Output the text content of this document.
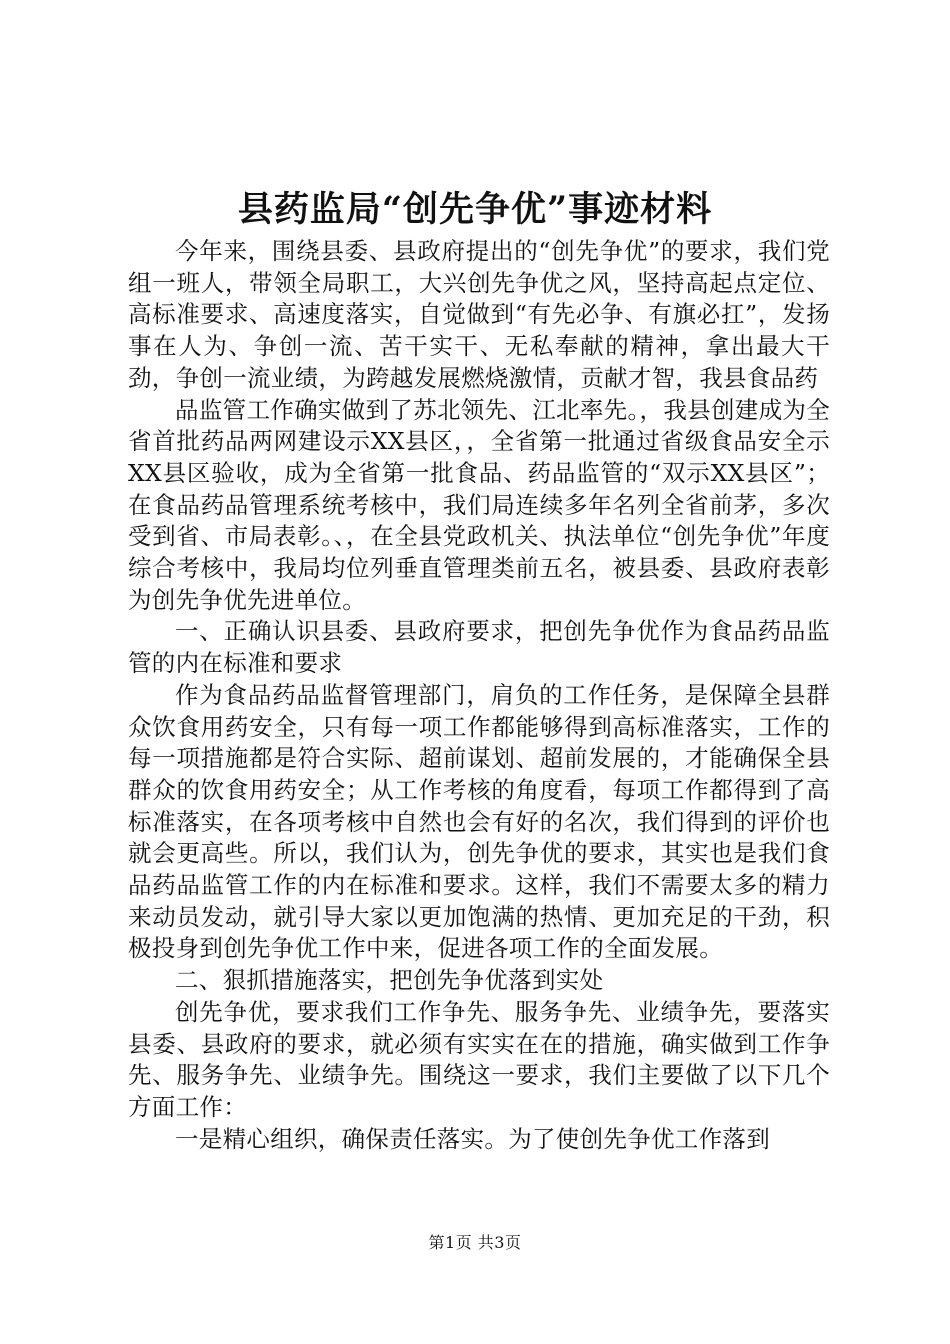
县药监局“创先争优”事迹材料

今年来，围绕县委、县政府提出的“创先争优”的要求，我们党组一班人，带领全局职工，大兴创先争优之风，坚持高起点定位、高标准要求、高速度落实，自觉做到“有先必争、有旗必扛”，发扬事在人为、争创一流、苦干实干、无私奉献的精神，拿出最大干劲，争创一流业绩，为跨越发展燃烧激情，贡献才智，我县食品药

品监管工作确实做到了苏北领先、江北率先。，我县创建成为全省首批药品两网建设示XX县区，，全省第一批通过省级食品安全示XX县区验收，成为全省第一批食品、药品监管的“双示XX县区”；在食品药品管理系统考核中，我们局连续多年名列全省前茅，多次受到省、市局表彰。、，在全县党政机关、执法单位“创先争优”年度综合考核中，我局均位列垂直管理类前五名，被县委、县政府表彰为创先争优先进单位。

一、正确认识县委、县政府要求，把创先争优作为食品药品监管的内在标准和要求

作为食品药品监督管理部门，肩负的工作任务，是保障全县群众饮食用药安全，只有每一项工作都能够得到高标准落实，工作的每一项措施都是符合实际、超前谋划、超前发展的，才能确保全县群众的饮食用药安全；从工作考核的角度看，每项工作都得到了高标准落实，在各项考核中自然也会有好的名次，我们得到的评价也就会更高些。所以，我们认为，创先争优的要求，其实也是我们食品药品监管工作的内在标准和要求。这样，我们不需要太多的精力来动员发动，就引导大家以更加饱满的热情、更加充足的干劲，积极投身到创先争优工作中来，促进各项工作的全面发展。

二、狠抓措施落实，把创先争优落到实处

创先争优，要求我们工作争先、服务争先、业绩争先，要落实县委、县政府的要求，就必须有实实在在的措施，确实做到工作争先、服务争先、业绩争先。围绕这一要求，我们主要做了以下几个方面工作：

一是精心组织，确保责任落实。为了使创先争优工作落到

第1页 共3页
